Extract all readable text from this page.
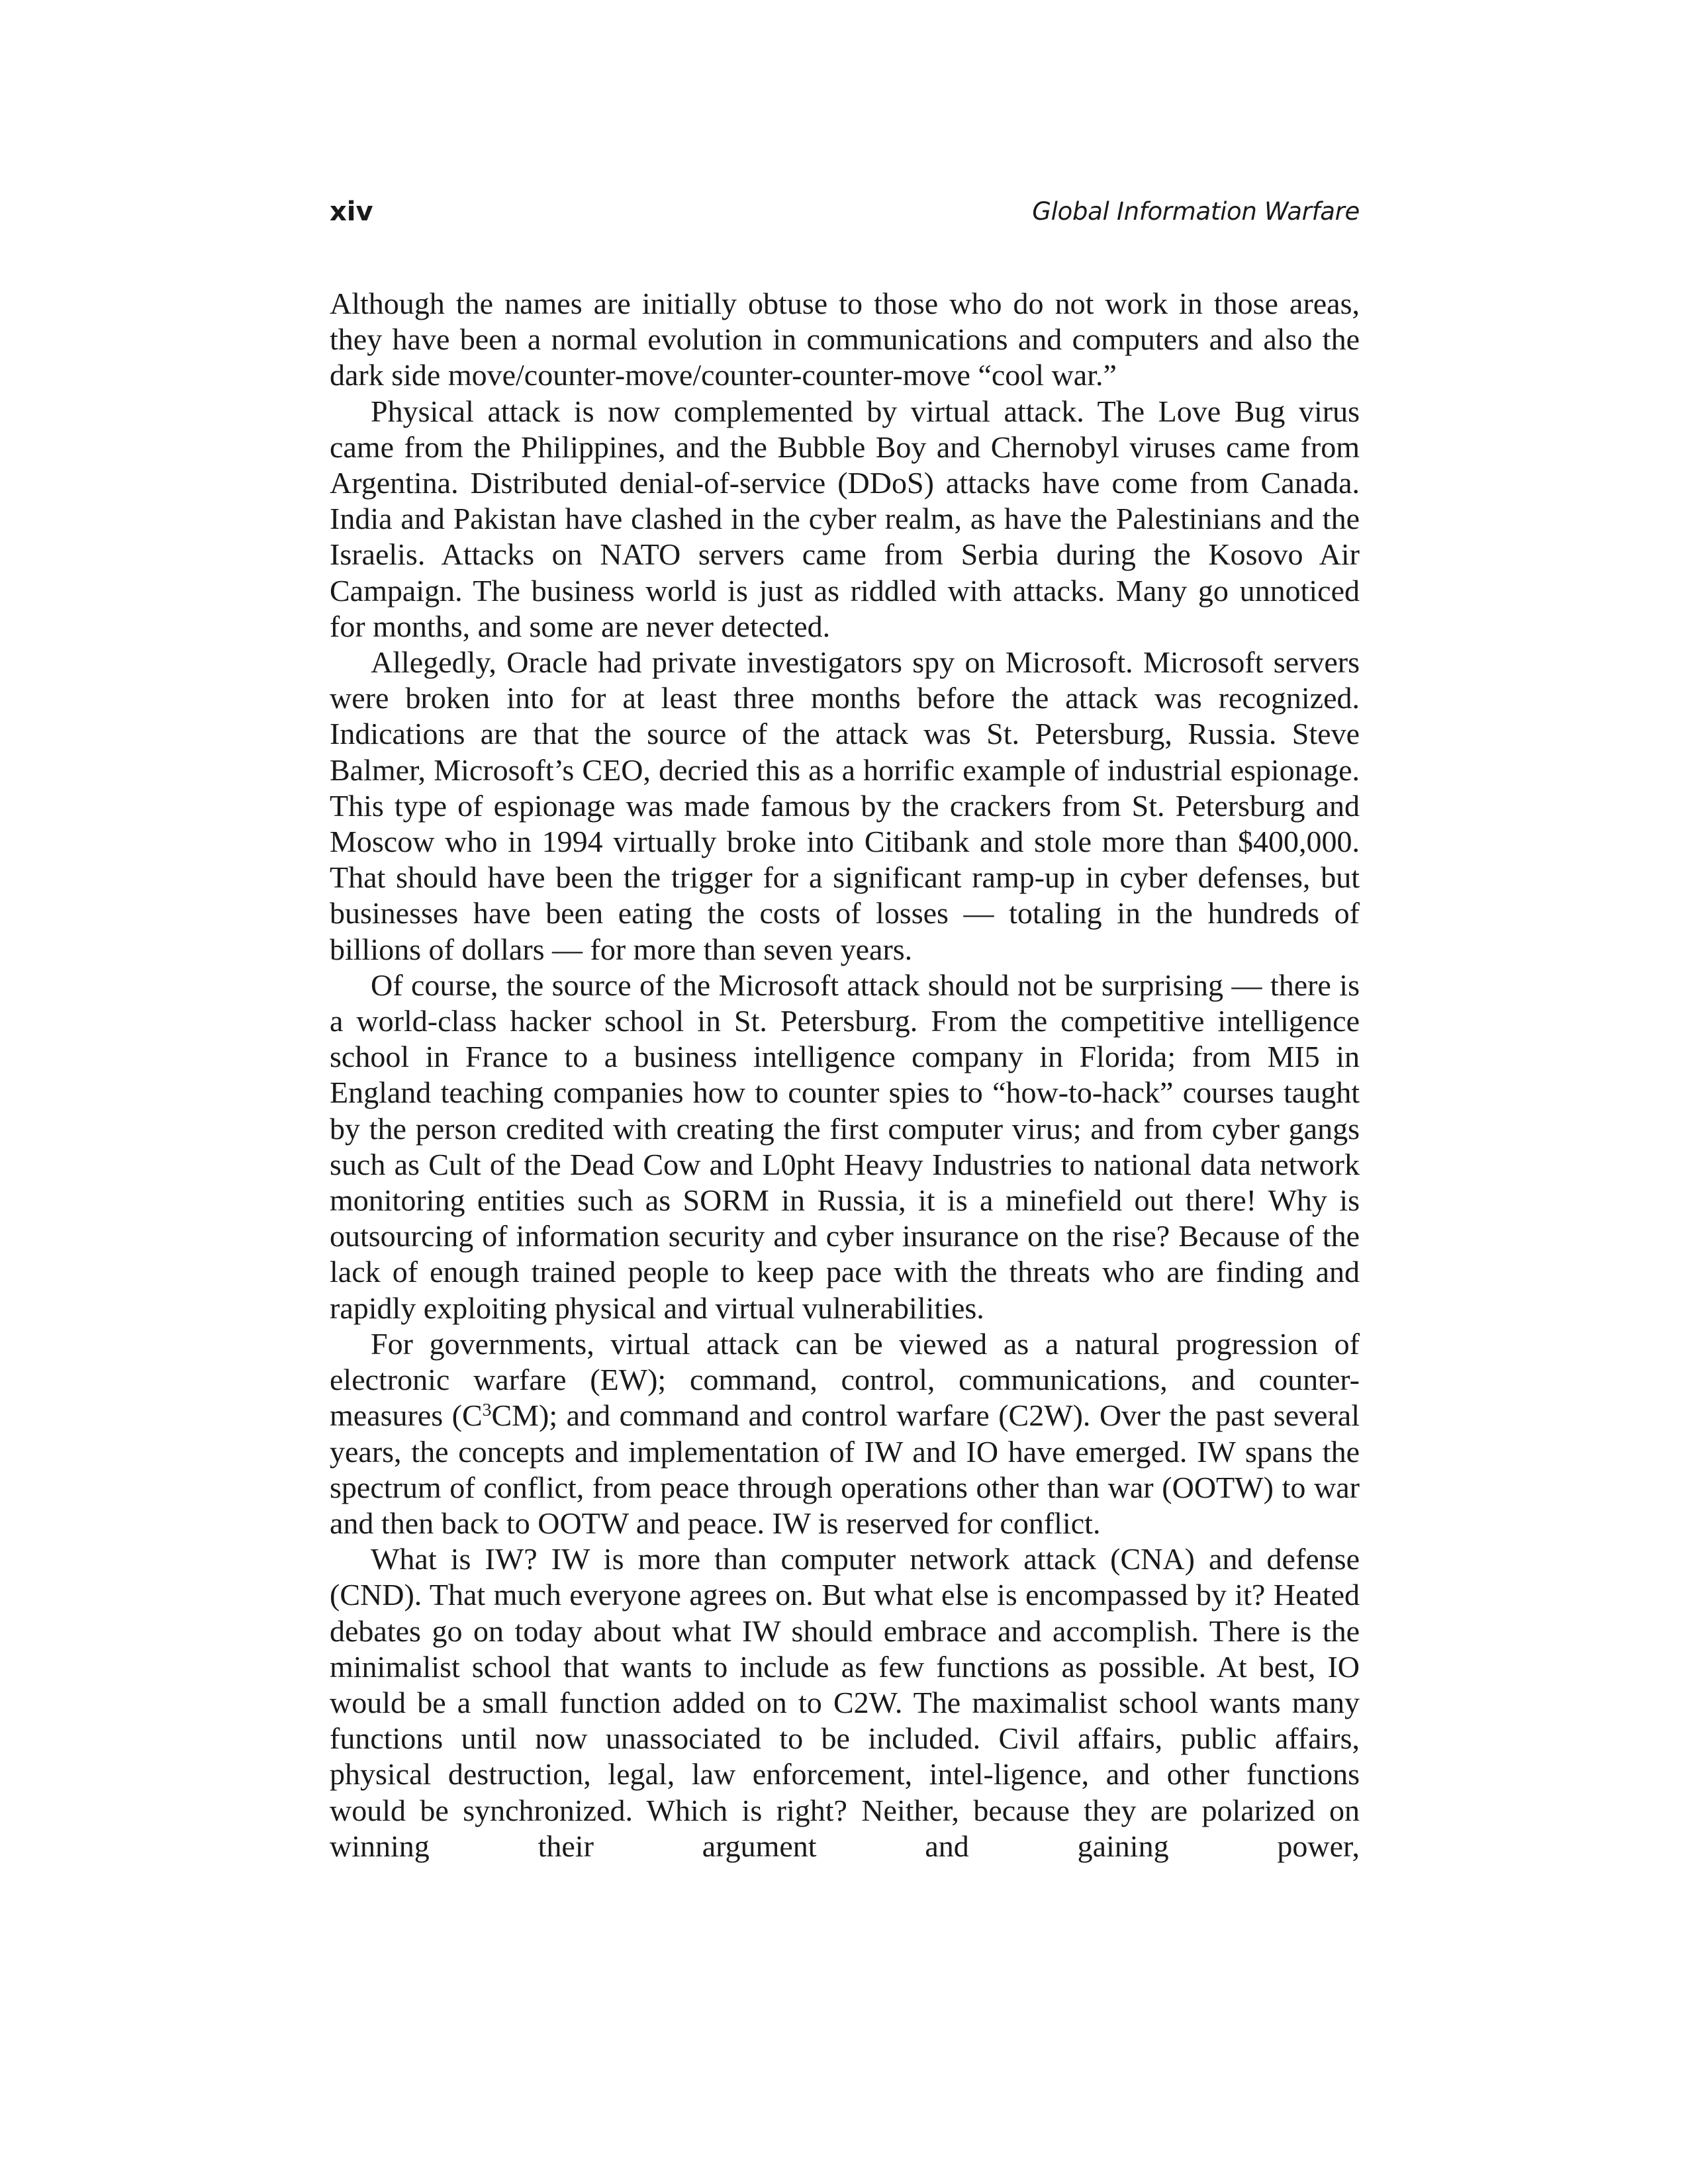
xiv	Global Information Warfare

Although the names are initially obtuse to those who do not work in those areas, they have been a normal evolution in communications and computers and also the dark side move/counter-move/counter-counter-move “cool war.”

Physical attack is now complemented by virtual attack. The Love Bug virus came from the Philippines, and the Bubble Boy and Chernobyl viruses came from Argentina. Distributed denial-of-service (DDoS) attacks have come from Canada. India and Pakistan have clashed in the cyber realm, as have the Palestinians and the Israelis. Attacks on NATO servers came from Serbia during the Kosovo Air Campaign. The business world is just as riddled with attacks. Many go unnoticed for months, and some are never detected.

Allegedly, Oracle had private investigators spy on Microsoft. Microsoft servers were broken into for at least three months before the attack was recognized. Indications are that the source of the attack was St. Petersburg, Russia. Steve Balmer, Microsoft’s CEO, decried this as a horrific example of industrial espionage. This type of espionage was made famous by the crackers from St. Petersburg and Moscow who in 1994 virtually broke into Citibank and stole more than $400,000. That should have been the trigger for a significant ramp-up in cyber defenses, but businesses have been eating the costs of losses — totaling in the hundreds of billions of dollars — for more than seven years.

Of course, the source of the Microsoft attack should not be surprising — there is a world-class hacker school in St. Petersburg. From the competitive intelligence school in France to a business intelligence company in Florida; from MI5 in England teaching companies how to counter spies to “how-to-hack” courses taught by the person credited with creating the first computer virus; and from cyber gangs such as Cult of the Dead Cow and L0pht Heavy Industries to national data network monitoring entities such as SORM in Russia, it is a minefield out there! Why is outsourcing of information security and cyber insurance on the rise? Because of the lack of enough trained people to keep pace with the threats who are finding and rapidly exploiting physical and virtual vulnerabilities.

For governments, virtual attack can be viewed as a natural progression of electronic warfare (EW); command, control, communications, and counter-measures $(C^3CM)$; and command and control warfare (C2W). Over the past several years, the concepts and implementation of IW and IO have emerged. IW spans the spectrum of conflict, from peace through operations other than war (OOTW) to war and then back to OOTW and peace. IW is reserved for conflict.

What is IW? IW is more than computer network attack (CNA) and defense (CND). That much everyone agrees on. But what else is encompassed by it? Heated debates go on today about what IW should embrace and accomplish. There is the minimalist school that wants to include as few functions as possible. At best, IO would be a small function added on to C2W. The maximalist school wants many functions until now unassociated to be included. Civil affairs, public affairs, physical destruction, legal, law enforcement, intel-ligence, and other functions would be synchronized. Which is right? Neither, because they are polarized on winning their argument and gaining power,
